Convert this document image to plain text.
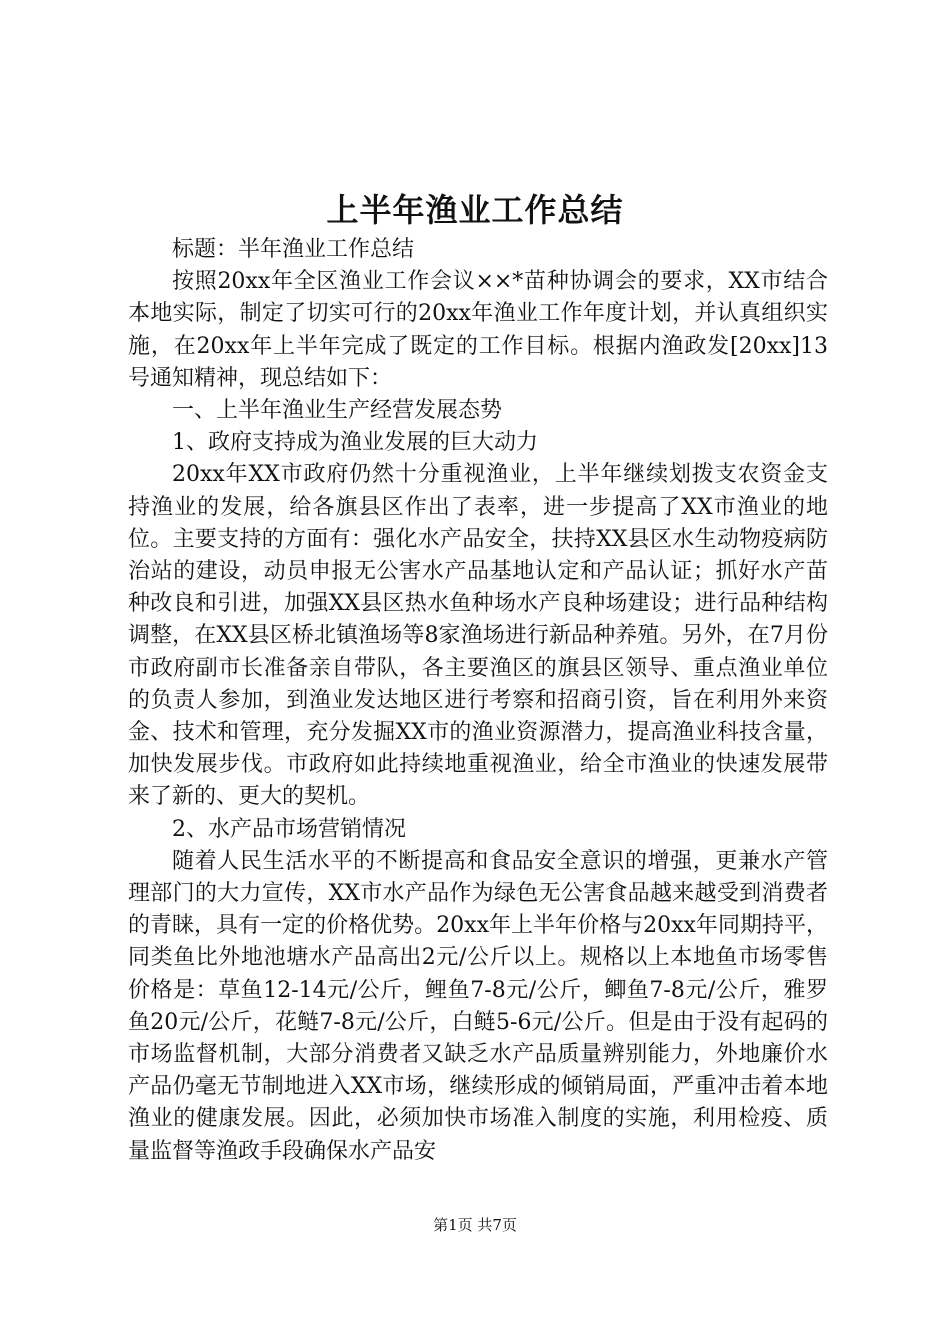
上半年渔业工作总结

标题：半年渔业工作总结

按照20xx年全区渔业工作会议××*苗种协调会的要求，XX市结合本地实际，制定了切实可行的20xx年渔业工作年度计划，并认真组织实施，在20xx年上半年完成了既定的工作目标。根据内渔政发[20xx]13号通知精神，现总结如下：

一、上半年渔业生产经营发展态势

1、政府支持成为渔业发展的巨大动力

20xx年XX市政府仍然十分重视渔业，上半年继续划拨支农资金支持渔业的发展，给各旗县区作出了表率，进一步提高了XX市渔业的地位。主要支持的方面有：强化水产品安全，扶持XX县区水生动物疫病防治站的建设，动员申报无公害水产品基地认定和产品认证；抓好水产苗种改良和引进，加强XX县区热水鱼种场水产良种场建设；进行品种结构调整，在XX县区桥北镇渔场等8家渔场进行新品种养殖。另外，在7月份市政府副市长准备亲自带队，各主要渔区的旗县区领导、重点渔业单位的负责人参加，到渔业发达地区进行考察和招商引资，旨在利用外来资金、技术和管理，充分发掘XX市的渔业资源潜力，提高渔业科技含量，加快发展步伐。市政府如此持续地重视渔业，给全市渔业的快速发展带来了新的、更大的契机。

2、水产品市场营销情况

随着人民生活水平的不断提高和食品安全意识的增强，更兼水产管理部门的大力宣传，XX市水产品作为绿色无公害食品越来越受到消费者的青睐，具有一定的价格优势。20xx年上半年价格与20xx年同期持平，同类鱼比外地池塘水产品高出2元/公斤以上。规格以上本地鱼市场零售价格是：草鱼12-14元/公斤，鲤鱼7-8元/公斤，鲫鱼7-8元/公斤，雅罗鱼20元/公斤，花鲢7-8元/公斤，白鲢5-6元/公斤。但是由于没有起码的市场监督机制，大部分消费者又缺乏水产品质量辨别能力，外地廉价水产品仍毫无节制地进入XX市场，继续形成的倾销局面，严重冲击着本地渔业的健康发展。因此，必须加快市场准入制度的实施，利用检疫、质量监督等渔政手段确保水产品安

第1页 共7页
